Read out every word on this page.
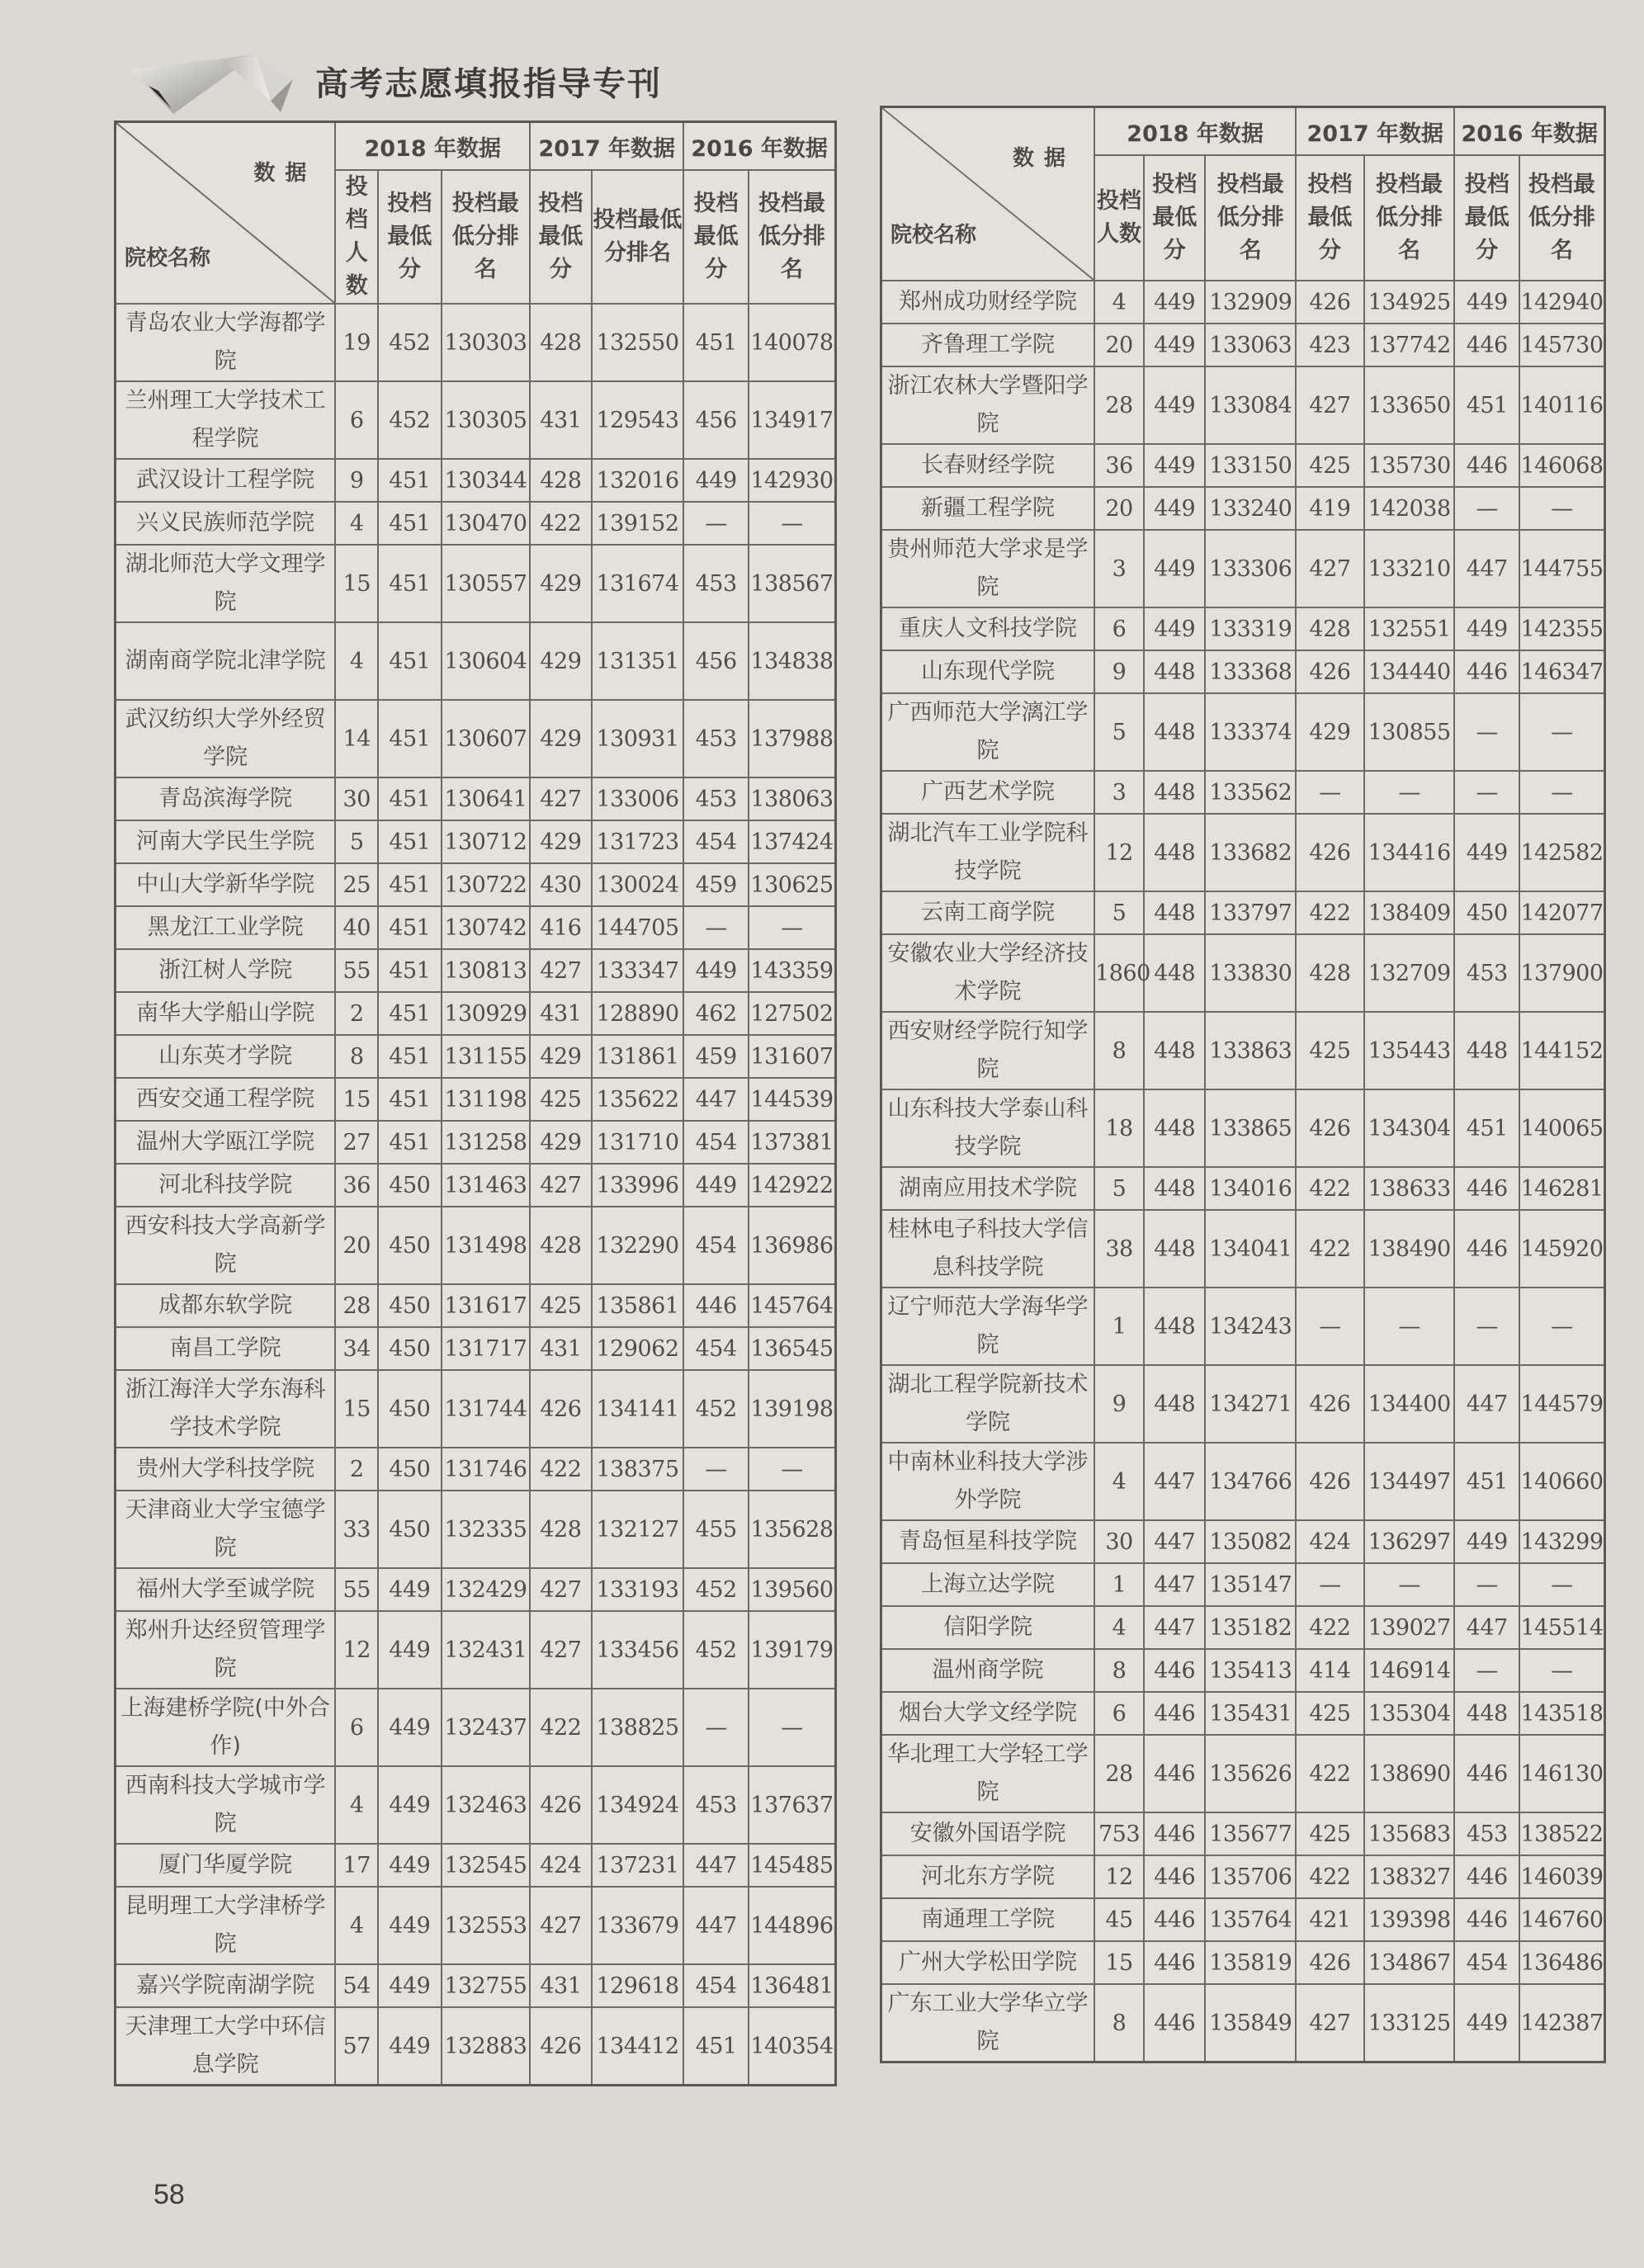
高考志愿填报指导专刊
数据
院校名称	2018 年数据			2017 年数据		2016 年数据	
	投档人数	投档最低分	投档最低分排名	投档最低分	投档最低分排名	投档最低分	投档最低分排名
青岛农业大学海都学院	19	452	130303	428	132550	451	140078
兰州理工大学技术工程学院	6	452	130305	431	129543	456	134917
武汉设计工程学院	9	451	130344	428	132016	449	142930
兴义民族师范学院	4	451	130470	422	139152	—	—
湖北师范大学文理学院	15	451	130557	429	131674	453	138567
湖南商学院北津学院	4	451	130604	429	131351	456	134838
武汉纺织大学外经贸学院	14	451	130607	429	130931	453	137988
青岛滨海学院	30	451	130641	427	133006	453	138063
河南大学民生学院	5	451	130712	429	131723	454	137424
中山大学新华学院	25	451	130722	430	130024	459	130625
黑龙江工业学院	40	451	130742	416	144705	—	—
浙江树人学院	55	451	130813	427	133347	449	143359
南华大学船山学院	2	451	130929	431	128890	462	127502
山东英才学院	8	451	131155	429	131861	459	131607
西安交通工程学院	15	451	131198	425	135622	447	144539
温州大学瓯江学院	27	451	131258	429	131710	454	137381
河北科技学院	36	450	131463	427	133996	449	142922
西安科技大学高新学院	20	450	131498	428	132290	454	136986
成都东软学院	28	450	131617	425	135861	446	145764
南昌工学院	34	450	131717	431	129062	454	136545
浙江海洋大学东海科学技术学院	15	450	131744	426	134141	452	139198
贵州大学科技学院	2	450	131746	422	138375	—	—
天津商业大学宝德学院	33	450	132335	428	132127	455	135628
福州大学至诚学院	55	449	132429	427	133193	452	139560
郑州升达经贸管理学院	12	449	132431	427	133456	452	139179
上海建桥学院(中外合作)	6	449	132437	422	138825	—	—
西南科技大学城市学院	4	449	132463	426	134924	453	137637
厦门华厦学院	17	449	132545	424	137231	447	145485
昆明理工大学津桥学院	4	449	132553	427	133679	447	144896
嘉兴学院南湖学院	54	449	132755	431	129618	454	136481
天津理工大学中环信息学院	57	449	132883	426	134412	451	140354
数据
院校名称	2018 年数据			2017 年数据		2016 年数据	
	投档人数	投档最低分	投档最低分排名	投档最低分	投档最低分排名	投档最低分	投档最低分排名
郑州成功财经学院	4	449	132909	426	134925	449	142940
齐鲁理工学院	20	449	133063	423	137742	446	145730
浙江农林大学暨阳学院	28	449	133084	427	133650	451	140116
长春财经学院	36	449	133150	425	135730	446	146068
新疆工程学院	20	449	133240	419	142038	—	—
贵州师范大学求是学院	3	449	133306	427	133210	447	144755
重庆人文科技学院	6	449	133319	428	132551	449	142355
山东现代学院	9	448	133368	426	134440	446	146347
广西师范大学漓江学院	5	448	133374	429	130855	—	—
广西艺术学院	3	448	133562	—	—	—	—
湖北汽车工业学院科技学院	12	448	133682	426	134416	449	142582
云南工商学院	5	448	133797	422	138409	450	142077
安徽农业大学经济技术学院	1860	448	133830	428	132709	453	137900
西安财经学院行知学院	8	448	133863	425	135443	448	144152
山东科技大学泰山科技学院	18	448	133865	426	134304	451	140065
湖南应用技术学院	5	448	134016	422	138633	446	146281
桂林电子科技大学信息科技学院	38	448	134041	422	138490	446	145920
辽宁师范大学海华学院	1	448	134243	—	—	—	—
湖北工程学院新技术学院	9	448	134271	426	134400	447	144579
中南林业科技大学涉外学院	4	447	134766	426	134497	451	140660
青岛恒星科技学院	30	447	135082	424	136297	449	143299
上海立达学院	1	447	135147	—	—	—	—
信阳学院	4	447	135182	422	139027	447	145514
温州商学院	8	446	135413	414	146914	—	—
烟台大学文经学院	6	446	135431	425	135304	448	143518
华北理工大学轻工学院	28	446	135626	422	138690	446	146130
安徽外国语学院	753	446	135677	425	135683	453	138522
河北东方学院	12	446	135706	422	138327	446	146039
南通理工学院	45	446	135764	421	139398	446	146760
广州大学松田学院	15	446	135819	426	134867	454	136486
广东工业大学华立学院	8	446	135849	427	133125	449	142387
58
